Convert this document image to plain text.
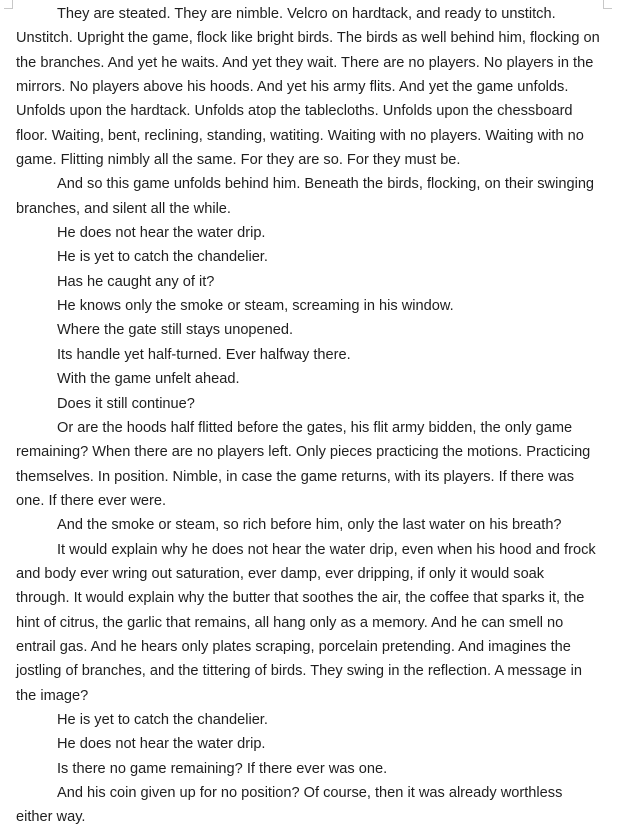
They are steated. They are nimble. Velcro on hardtack, and ready to unstitch. Unstitch. Upright the game, flock like bright birds. The birds as well behind him, flocking on the branches. And yet he waits. And yet they wait. There are no players. No players in the mirrors. No players above his hoods. And yet his army flits. And yet the game unfolds. Unfolds upon the hardtack. Unfolds atop the tablecloths. Unfolds upon the chessboard floor. Waiting, bent, reclining, standing, watiting. Waiting with no players. Waiting with no game. Flitting nimbly all the same. For they are so. For they must be.

And so this game unfolds behind him. Beneath the birds, flocking, on their swinging branches, and silent all the while.

He does not hear the water drip.

He is yet to catch the chandelier.

Has he caught any of it?

He knows only the smoke or steam, screaming in his window.

Where the gate still stays unopened.

Its handle yet half-turned. Ever halfway there.

With the game unfelt ahead.

Does it still continue?

Or are the hoods half flitted before the gates, his flit army bidden, the only game remaining? When there are no players left. Only pieces practicing the motions. Practicing themselves. In position. Nimble, in case the game returns, with its players. If there was one. If there ever were.

And the smoke or steam, so rich before him, only the last water on his breath?

It would explain why he does not hear the water drip, even when his hood and frock and body ever wring out saturation, ever damp, ever dripping, if only it would soak through. It would explain why the butter that soothes the air, the coffee that sparks it, the hint of citrus, the garlic that remains, all hang only as a memory. And he can smell no entrail gas. And he hears only plates scraping, porcelain pretending. And imagines the jostling of branches, and the tittering of birds. They swing in the reflection. A message in the image?

He is yet to catch the chandelier.

He does not hear the water drip.

Is there no game remaining? If there ever was one.

And his coin given up for no position? Of course, then it was already worthless either way.
